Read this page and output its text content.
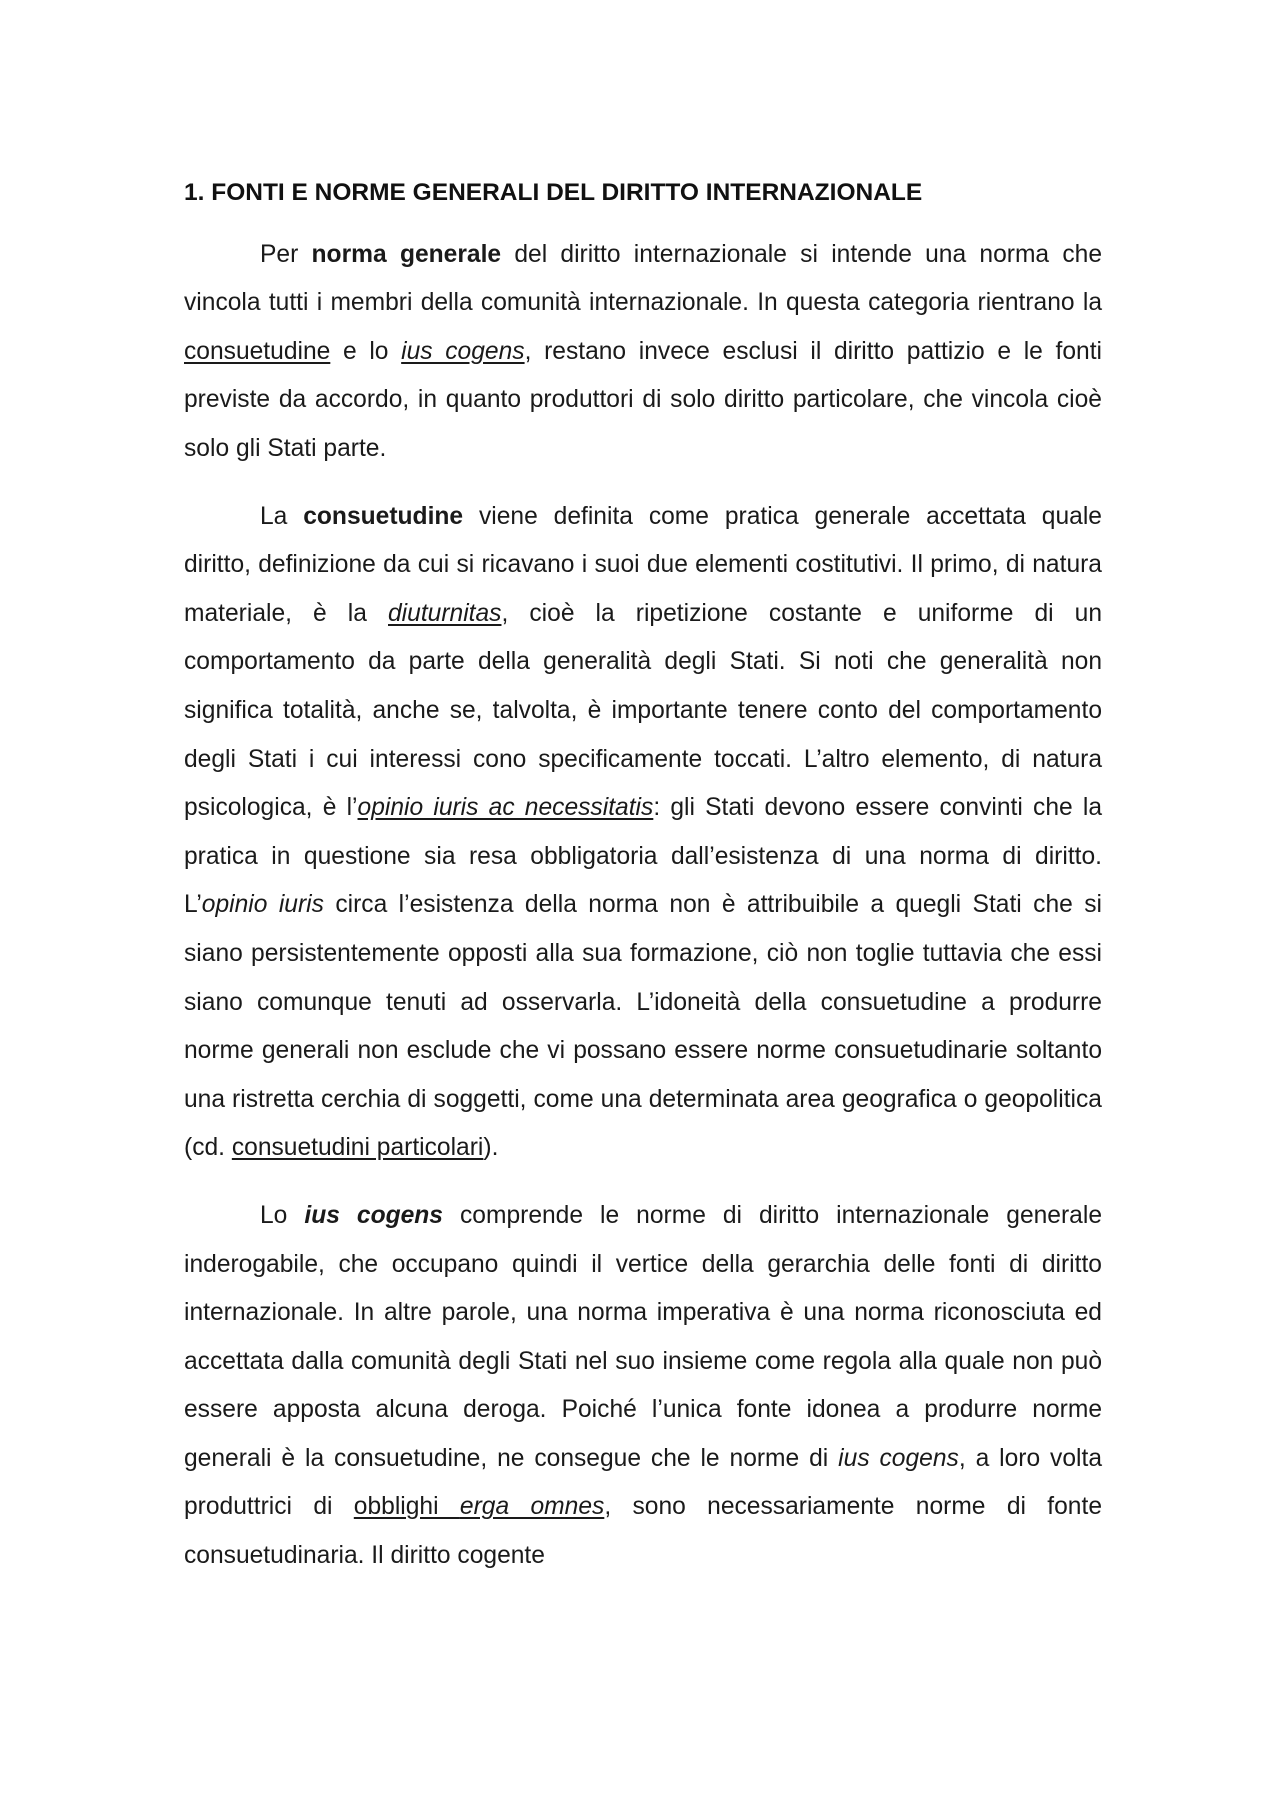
1. FONTI E NORME GENERALI DEL DIRITTO INTERNAZIONALE

Per norma generale del diritto internazionale si intende una norma che vincola tutti i membri della comunità internazionale. In questa categoria rientrano la consuetudine e lo ius cogens, restano invece esclusi il diritto pattizio e le fonti previste da accordo, in quanto produttori di solo diritto particolare, che vincola cioè solo gli Stati parte.

La consuetudine viene definita come pratica generale accettata quale diritto, definizione da cui si ricavano i suoi due elementi costitutivi. Il primo, di natura materiale, è la diuturnitas, cioè la ripetizione costante e uniforme di un comportamento da parte della generalità degli Stati. Si noti che generalità non significa totalità, anche se, talvolta, è importante tenere conto del comportamento degli Stati i cui interessi cono specificamente toccati. L’altro elemento, di natura psicologica, è l’opinio iuris ac necessitatis: gli Stati devono essere convinti che la pratica in questione sia resa obbligatoria dall’esistenza di una norma di diritto. L’opinio iuris circa l’esistenza della norma non è attribuibile a quegli Stati che si siano persistentemente opposti alla sua formazione, ciò non toglie tuttavia che essi siano comunque tenuti ad osservarla. L’idoneità della consuetudine a produrre norme generali non esclude che vi possano essere norme consuetudinarie soltanto una ristretta cerchia di soggetti, come una determinata area geografica o geopolitica (cd. consuetudini particolari).

Lo ius cogens comprende le norme di diritto internazionale generale inderogabile, che occupano quindi il vertice della gerarchia delle fonti di diritto internazionale. In altre parole, una norma imperativa è una norma riconosciuta ed accettata dalla comunità degli Stati nel suo insieme come regola alla quale non può essere apposta alcuna deroga. Poiché l’unica fonte idonea a produrre norme generali è la consuetudine, ne consegue che le norme di ius cogens, a loro volta produttrici di obblighi erga omnes, sono necessariamente norme di fonte consuetudinaria. Il diritto cogente
